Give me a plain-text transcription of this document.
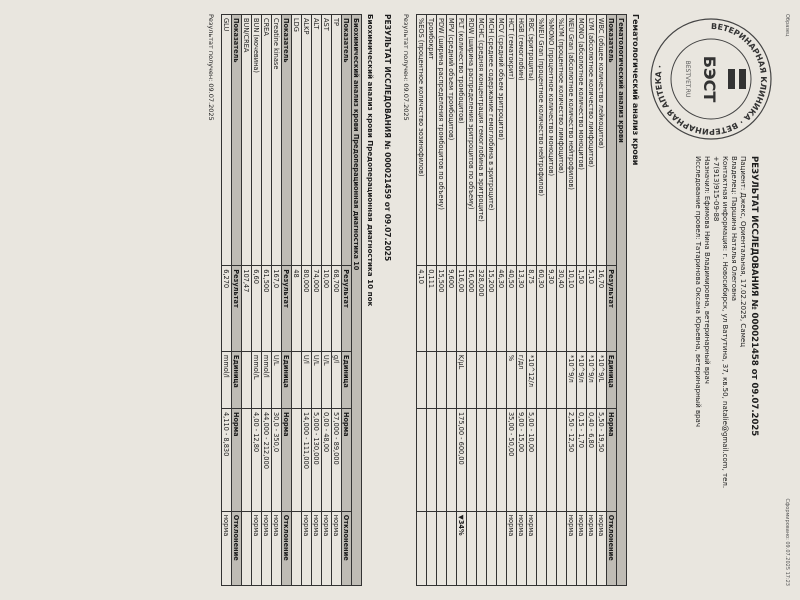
Образец
Сформировано: 09.07.2025 17:23
ВЕТЕРИНАРНАЯ КЛИНИКА · ВЕТЕРИНАРНАЯ АПТЕКА ·	БЭСТ
BESTVET.RU
РЕЗУЛЬТАТ ИССЛЕДОВАНИЯ № 000021458 от 09.07.2025
Пациент: Джекс, Ориентальная, 17.02.2025, Самец
Владелец: Паршина Наталья Олеговна
Контактная информация: г. Новосибирск, ул Ватутина, 37, кв.50, natalie@gmail.com, тел.
+7(913)915-09-88
Назначил: Ефимова Нина Владимировна, ветеринарный врач
Исследование провел: Татаринова Оксана Юрьевна, ветеринарный врач
Гематологический анализ крови
Гематологический анализ крови				
Показатель	Результат	Единица	Норма	Отклонение
WBC (общее количество лейкоцитов)	16,70	*10^9/L	5,50 - 19,50	норма
LYM (абсолютное количество лимфоцитов)	5,10	*10^9/л	0,40 - 6,80	норма
MONO (абсолютное количество моноцитов)	1,50	*10^9/л	0,15 - 1,70	норма
NEU Gran (абсолютное количество нейтрофилов)	10,10	*10^9/л	2,50 - 12,50	норма
%LYM (процентное количество лимфоцитов)	30,40			
%MONO (процентное количество моноцитов)	9,30			
%NEU Gran (процентное количество нейтрофилов)	60,30			
RBC (эритроциты)	8,75	*10^12/л	5,00 - 10,00	норма
HGB (гемоглобин)	13,30	г/дл	9,00 - 15,00	норма
HCT (гематокрит)	40,50	%	35,00 - 50,00	норма
MCV (средний объем эритроцитов)	46,30			
MCH (среднее содержание гемоглобина в эритроците)	15,200			
MCHC (средняя концентрация гемоглобина в эритроците)	328,000			
RDW (ширина распределения эритроцитов по объему)	16,000			
PLT (количество тромбоцитов)	116,00	K/μL	175,00 - 600,00	▼34%
MPV (средний объем тромбоцитов)	9,600			
PDW (ширина распределения тромбоцитов по объему)	15,500			
Тромбокрит	0,111			
%EOS (процентное количество эозинофилов)	4,10			
Результат получен: 09.07.2025
РЕЗУЛЬТАТ ИССЛЕДОВАНИЯ № 000021459 от 09.07.2025
Биохимический анализ крови Предоперационная диагностика 10 пок
Биохимический анализ крови Предоперационная диагностика 10				
Показатель	Результат	Единица	Норма	Отклонение
TP	68,700	g/l	57,000 - 89,000	норма
AST	10,00	U/L	0,00 - 48,00	норма
ALT	74,000	U/L	5,000 - 130,000	норма
ALKP	80,000	U/l	14,000 - 111,000	норма
LDG	48			
Показатель	Результат	Единица	Норма	Отклонение
Creatine kinase	167,0	U/L	30,0 - 350,0	норма
CREA	61,500	mmol/l	44,000 - 212,000	норма
BUN (мочевина)	6,60	mmol/L	4,00 - 12,80	норма
BUN/CREA	107,47			
Показатель	Результат	Единица	Норма	Отклонение
GLU	6,270	mmol/l	4,110 - 8,830	норма
Результат получен: 09.07.2025
